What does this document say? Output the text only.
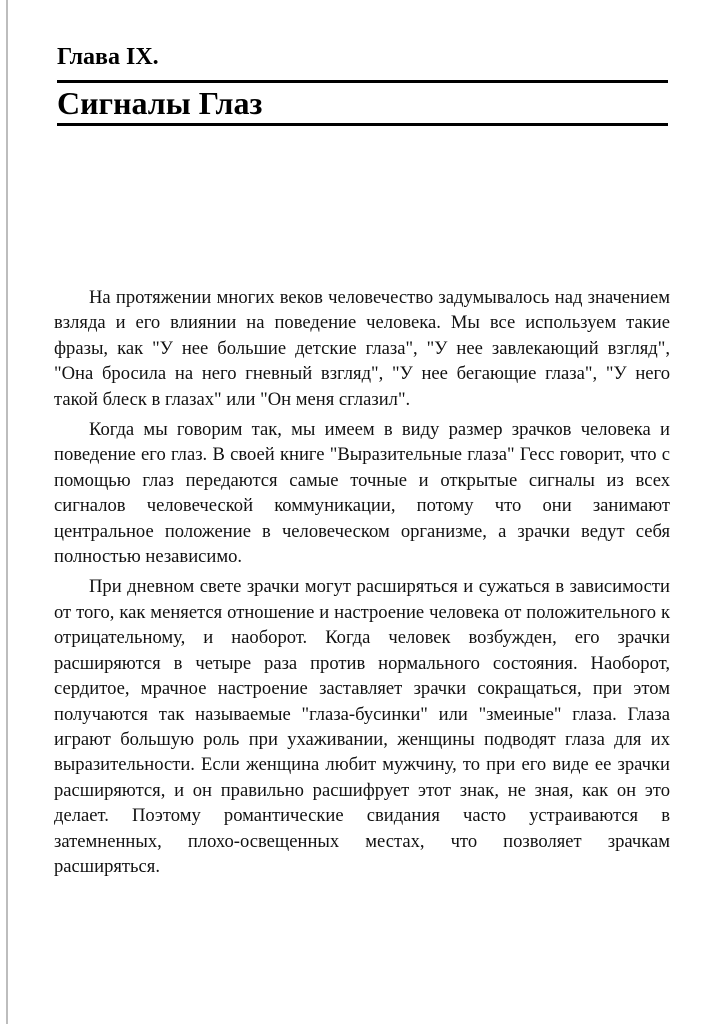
Глава IX.
Сигналы Глаз

На протяжении многих веков человечество задумывалось над значением взляда и его влиянии на поведение человека. Мы все используем такие фразы, как "У нее большие детские глаза", "У нее завлекающий взгляд", "Она бросила на него гневный взгляд", "У нее бегающие глаза", "У него такой блеск в глазах" или "Он меня сглазил".

Когда мы говорим так, мы имеем в виду размер зрачков человека и поведение его глаз. В своей книге "Выразительные глаза" Гесс говорит, что с помощью глаз передаются самые точные и открытые сигналы из всех сигналов человеческой коммуникации, потому что они занимают центральное положение в человеческом организме, а зрачки ведут себя полностью независимо.

При дневном свете зрачки могут расширяться и сужаться в зависимости от того, как меняется отношение и настроение человека от положительного к отрицательному, и наоборот. Когда человек возбужден, его зрачки расширяются в четыре раза против нормального состояния. Наоборот, сердитое, мрачное настроение заставляет зрачки сокращаться, при этом получаются так называемые "глаза-бусинки" или "змеиные" глаза. Глаза играют большую роль при ухаживании, женщины подводят глаза для их выразительности. Если женщина любит мужчину, то при его виде ее зрачки расширяются, и он правильно расшифрует этот знак, не зная, как он это делает. Поэтому романтические свидания часто устраиваются в затемненных, плохо-освещенных местах, что позволяет зрачкам расширяться.
